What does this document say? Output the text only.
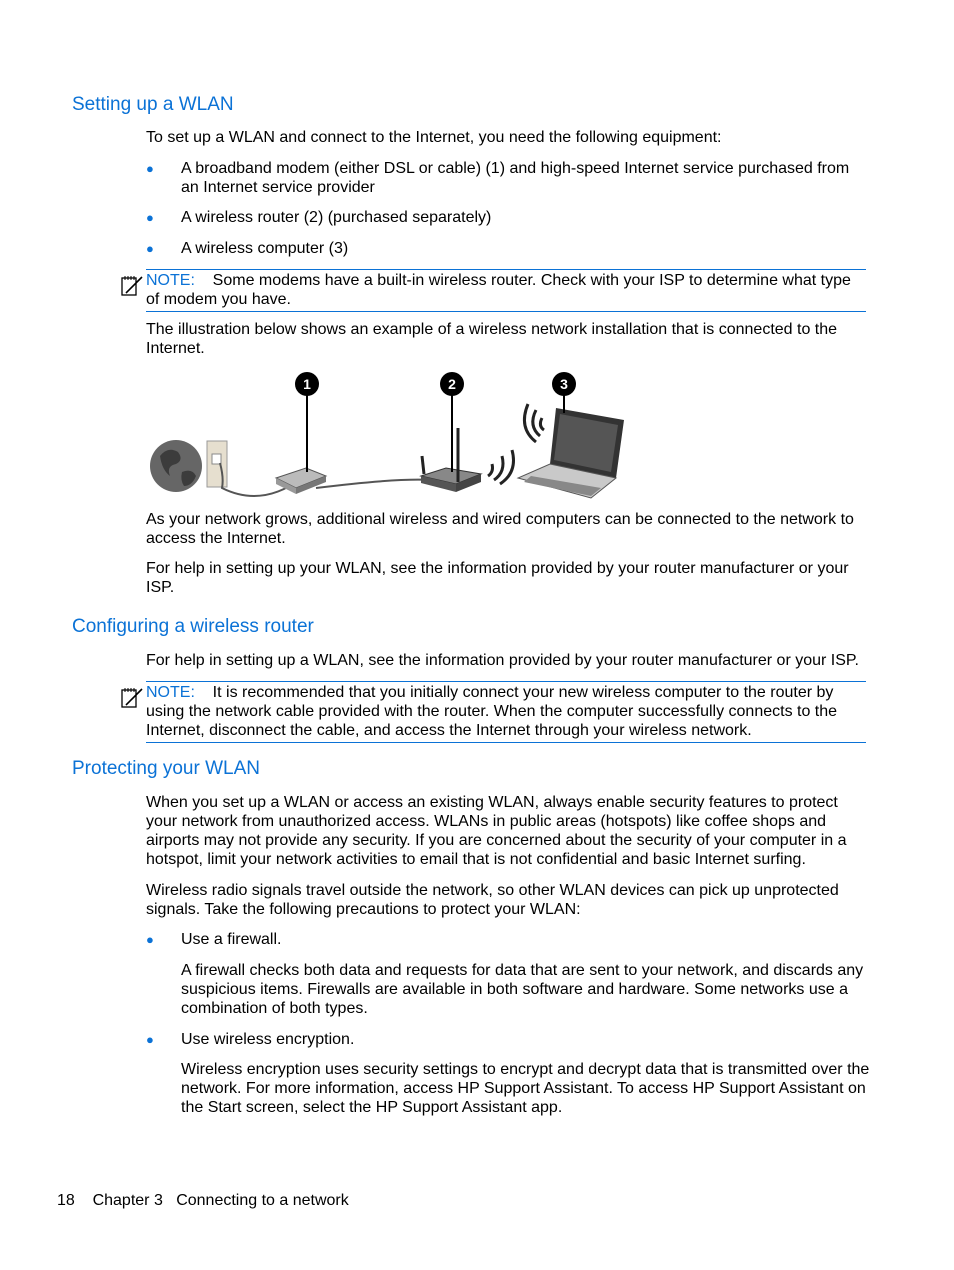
Setting up a WLAN
To set up a WLAN and connect to the Internet, you need the following equipment:
● A broadband modem (either DSL or cable) (1) and high-speed Internet service purchased from an Internet service provider
● A wireless router (2) (purchased separately)
● A wireless computer (3)
NOTE: Some modems have a built-in wireless router. Check with your ISP to determine what type of modem you have.
The illustration below shows an example of a wireless network installation that is connected to the Internet.
1	2	3
As your network grows, additional wireless and wired computers can be connected to the network to access the Internet.
For help in setting up your WLAN, see the information provided by your router manufacturer or your ISP.
Configuring a wireless router
For help in setting up a WLAN, see the information provided by your router manufacturer or your ISP.
NOTE: It is recommended that you initially connect your new wireless computer to the router by using the network cable provided with the router. When the computer successfully connects to the Internet, disconnect the cable, and access the Internet through your wireless network.
Protecting your WLAN
When you set up a WLAN or access an existing WLAN, always enable security features to protect your network from unauthorized access. WLANs in public areas (hotspots) like coffee shops and airports may not provide any security. If you are concerned about the security of your computer in a hotspot, limit your network activities to email that is not confidential and basic Internet surfing.
Wireless radio signals travel outside the network, so other WLAN devices can pick up unprotected signals. Take the following precautions to protect your WLAN:
● Use a firewall.
A firewall checks both data and requests for data that are sent to your network, and discards any suspicious items. Firewalls are available in both software and hardware. Some networks use a combination of both types.
● Use wireless encryption.
Wireless encryption uses security settings to encrypt and decrypt data that is transmitted over the network. For more information, access HP Support Assistant. To access HP Support Assistant on the Start screen, select the HP Support Assistant app.
18 Chapter 3 Connecting to a network
